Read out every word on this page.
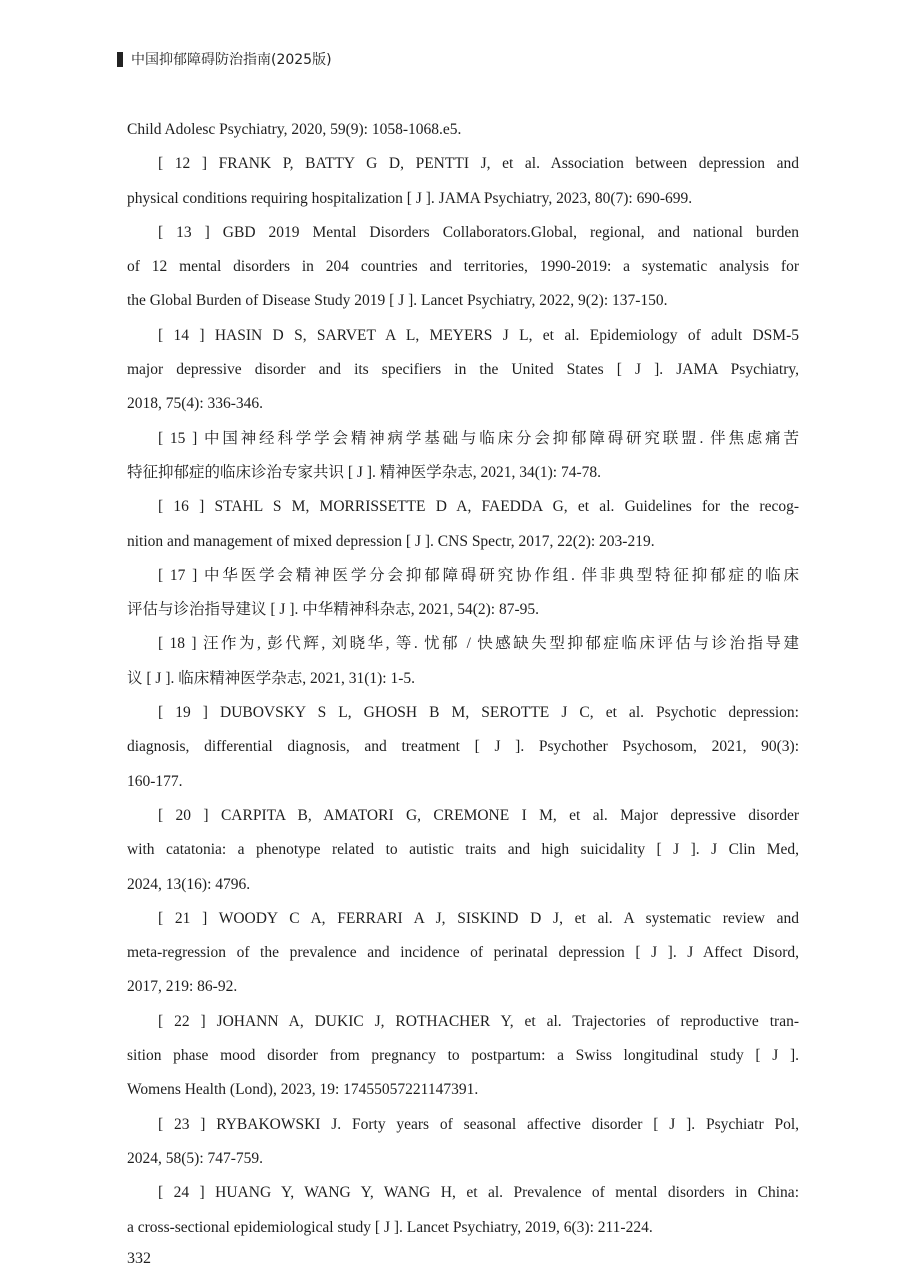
中国抑郁障碍防治指南(2025版)
Child Adolesc Psychiatry, 2020, 59(9): 1058-1068.e5.
[ 12 ] FRANK P, BATTY G D, PENTTI J, et al. Association between depression and
physical conditions requiring hospitalization [ J ]. JAMA Psychiatry, 2023, 80(7): 690-699.
[ 13 ] GBD 2019 Mental Disorders Collaborators.Global, regional, and national burden
of 12 mental disorders in 204 countries and territories, 1990-2019: a systematic analysis for
the Global Burden of Disease Study 2019 [ J ]. Lancet Psychiatry, 2022, 9(2): 137-150.
[ 14 ] HASIN D S, SARVET A L, MEYERS J L, et al. Epidemiology of adult DSM-5
major depressive disorder and its specifiers in the United States [ J ]. JAMA Psychiatry,
2018, 75(4): 336-346.
[ 15 ] 中国神经科学学会精神病学基础与临床分会抑郁障碍研究联盟. 伴焦虑痛苦
特征抑郁症的临床诊治专家共识 [ J ]. 精神医学杂志, 2021, 34(1): 74-78.
[ 16 ] STAHL S M, MORRISSETTE D A, FAEDDA G, et al. Guidelines for the recog-
nition and management of mixed depression [ J ]. CNS Spectr, 2017, 22(2): 203-219.
[ 17 ] 中华医学会精神医学分会抑郁障碍研究协作组. 伴非典型特征抑郁症的临床
评估与诊治指导建议 [ J ]. 中华精神科杂志, 2021, 54(2): 87-95.
[ 18 ] 汪作为, 彭代辉, 刘晓华, 等. 忧郁 / 快感缺失型抑郁症临床评估与诊治指导建
议 [ J ]. 临床精神医学杂志, 2021, 31(1): 1-5.
[ 19 ] DUBOVSKY S L, GHOSH B M, SEROTTE J C, et al. Psychotic depression:
diagnosis, differential diagnosis, and treatment [ J ]. Psychother Psychosom, 2021, 90(3):
160-177.
[ 20 ] CARPITA B, AMATORI G, CREMONE I M, et al. Major depressive disorder
with catatonia: a phenotype related to autistic traits and high suicidality [ J ]. J Clin Med,
2024, 13(16): 4796.
[ 21 ] WOODY C A, FERRARI A J, SISKIND D J, et al. A systematic review and
meta-regression of the prevalence and incidence of perinatal depression [ J ]. J Affect Disord,
2017, 219: 86-92.
[ 22 ] JOHANN A, DUKIC J, ROTHACHER Y, et al. Trajectories of reproductive tran-
sition phase mood disorder from pregnancy to postpartum: a Swiss longitudinal study [ J ].
Womens Health (Lond), 2023, 19: 17455057221147391.
[ 23 ] RYBAKOWSKI J. Forty years of seasonal affective disorder [ J ]. Psychiatr Pol,
2024, 58(5): 747-759.
[ 24 ] HUANG Y, WANG Y, WANG H, et al. Prevalence of mental disorders in China:
a cross-sectional epidemiological study [ J ]. Lancet Psychiatry, 2019, 6(3): 211-224.
332
